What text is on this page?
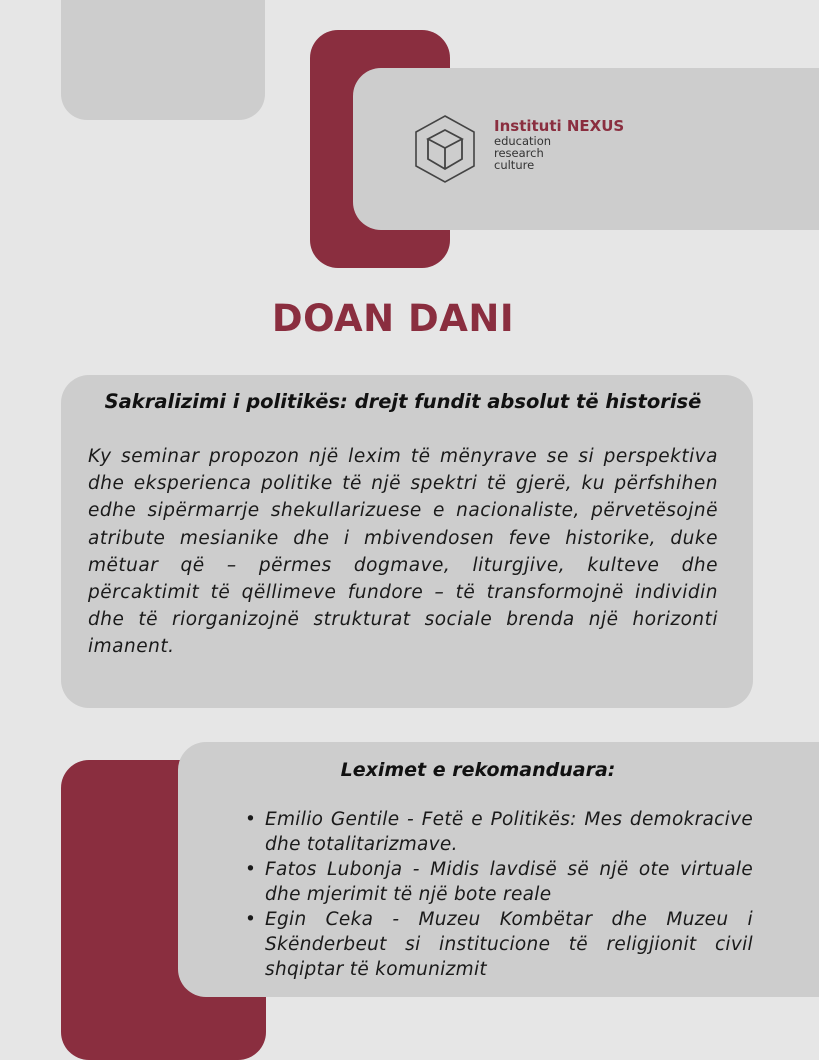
Instituti NEXUS
education
research
culture
DOAN DANI
Sakralizimi i politikës: drejt fundit absolut të historisë
Ky seminar propozon një lexim të mënyrave se si perspektiva dhe eksperienca politike të një spektri të gjerë, ku përfshihen edhe sipërmarrje shekullarizuese e nacionaliste, përvetësojnë atribute mesianike dhe i mbivendosen feve historike, duke mëtuar që – përmes dogmave, liturgjive, kulteve dhe përcaktimit të qëllimeve fundore – të transformojnë individin dhe të riorganizojnë strukturat sociale brenda një horizonti imanent.
Leximet e rekomanduara:
• Emilio Gentile - Fetë e Politikës: Mes demokracive dhe totalitarizmave.
• Fatos Lubonja - Midis lavdisë së një ote virtuale dhe mjerimit të një bote reale
• Egin Ceka - Muzeu Kombëtar dhe Muzeu i Skënderbeut si institucione të religjionit civil shqiptar të komunizmit
